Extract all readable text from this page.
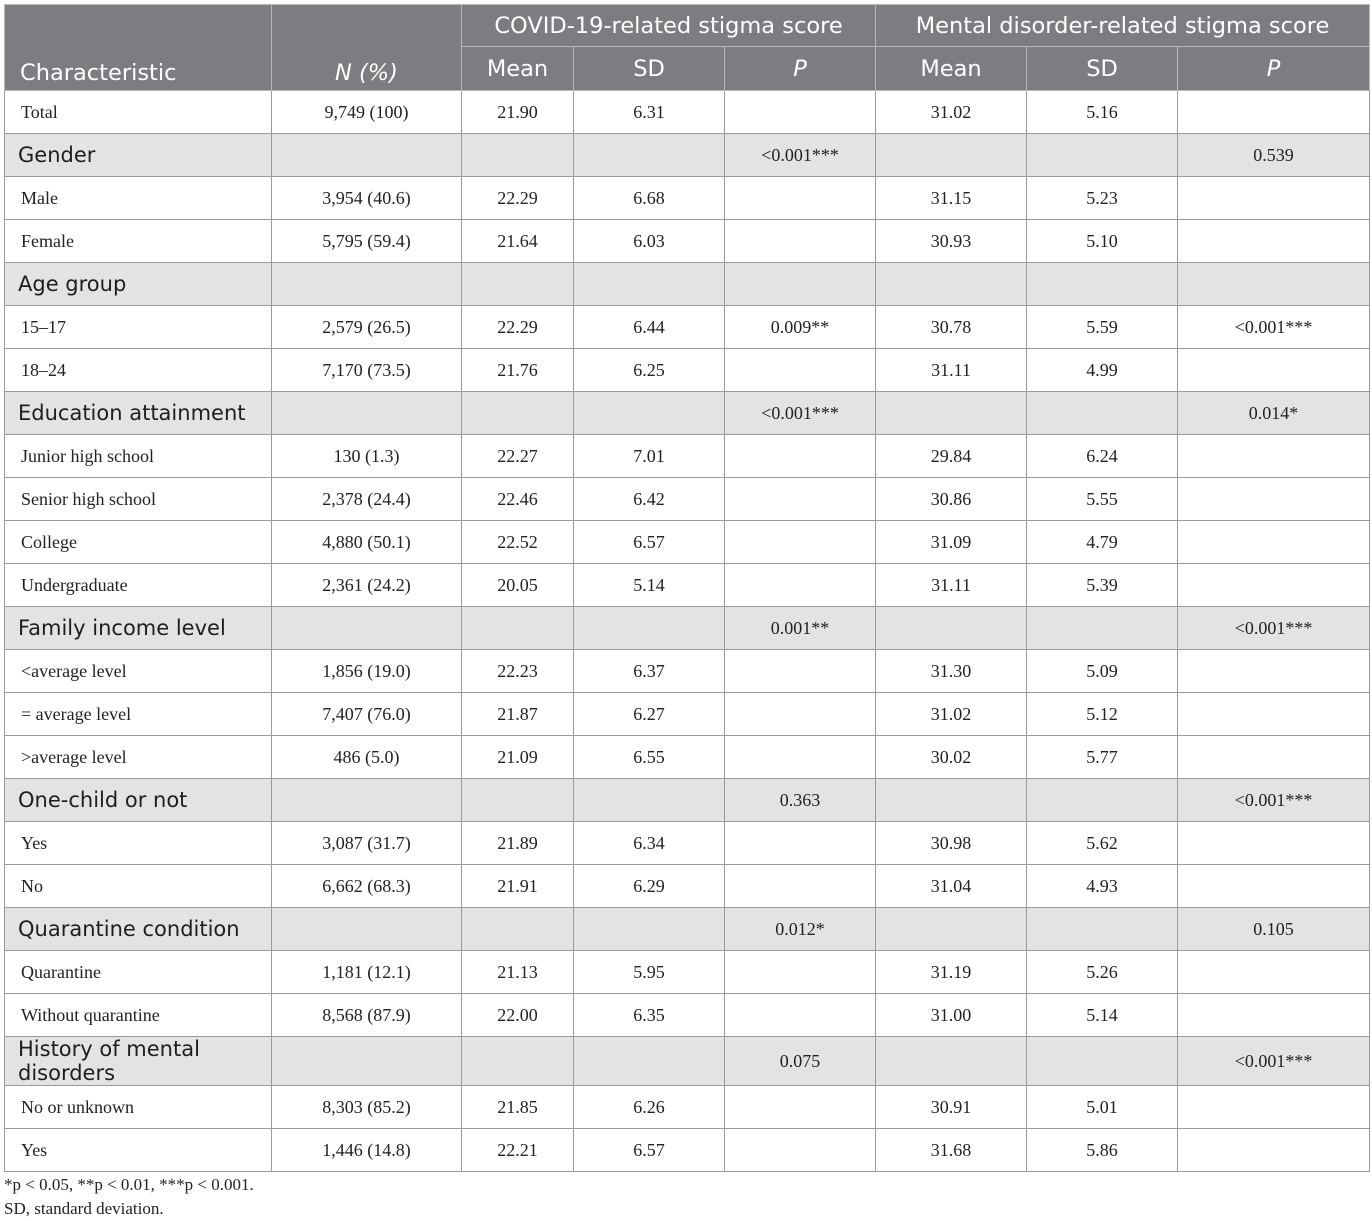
Characteristic	N (%)	COVID-19-related stigma score			Mental disorder-related stigma score		
		Mean	SD	P	Mean	SD	P
Total	9,749 (100)	21.90	6.31		31.02	5.16	
Gender				<0.001***			0.539
Male	3,954 (40.6)	22.29	6.68		31.15	5.23	
Female	5,795 (59.4)	21.64	6.03		30.93	5.10	
Age group							
15–17	2,579 (26.5)	22.29	6.44	0.009**	30.78	5.59	<0.001***
18–24	7,170 (73.5)	21.76	6.25		31.11	4.99	
Education attainment				<0.001***			0.014*
Junior high school	130 (1.3)	22.27	7.01		29.84	6.24	
Senior high school	2,378 (24.4)	22.46	6.42		30.86	5.55	
College	4,880 (50.1)	22.52	6.57		31.09	4.79	
Undergraduate	2,361 (24.2)	20.05	5.14		31.11	5.39	
Family income level				0.001**			<0.001***
<average level	1,856 (19.0)	22.23	6.37		31.30	5.09	
= average level	7,407 (76.0)	21.87	6.27		31.02	5.12	
>average level	486 (5.0)	21.09	6.55		30.02	5.77	
One-child or not				0.363			<0.001***
Yes	3,087 (31.7)	21.89	6.34		30.98	5.62	
No	6,662 (68.3)	21.91	6.29		31.04	4.93	
Quarantine condition				0.012*			0.105
Quarantine	1,181 (12.1)	21.13	5.95		31.19	5.26	
Without quarantine	8,568 (87.9)	22.00	6.35		31.00	5.14	
History of mental disorders				0.075			<0.001***
No or unknown	8,303 (85.2)	21.85	6.26		30.91	5.01	
Yes	1,446 (14.8)	22.21	6.57		31.68	5.86	
*p < 0.05, **p < 0.01, ***p < 0.001.
SD, standard deviation.
